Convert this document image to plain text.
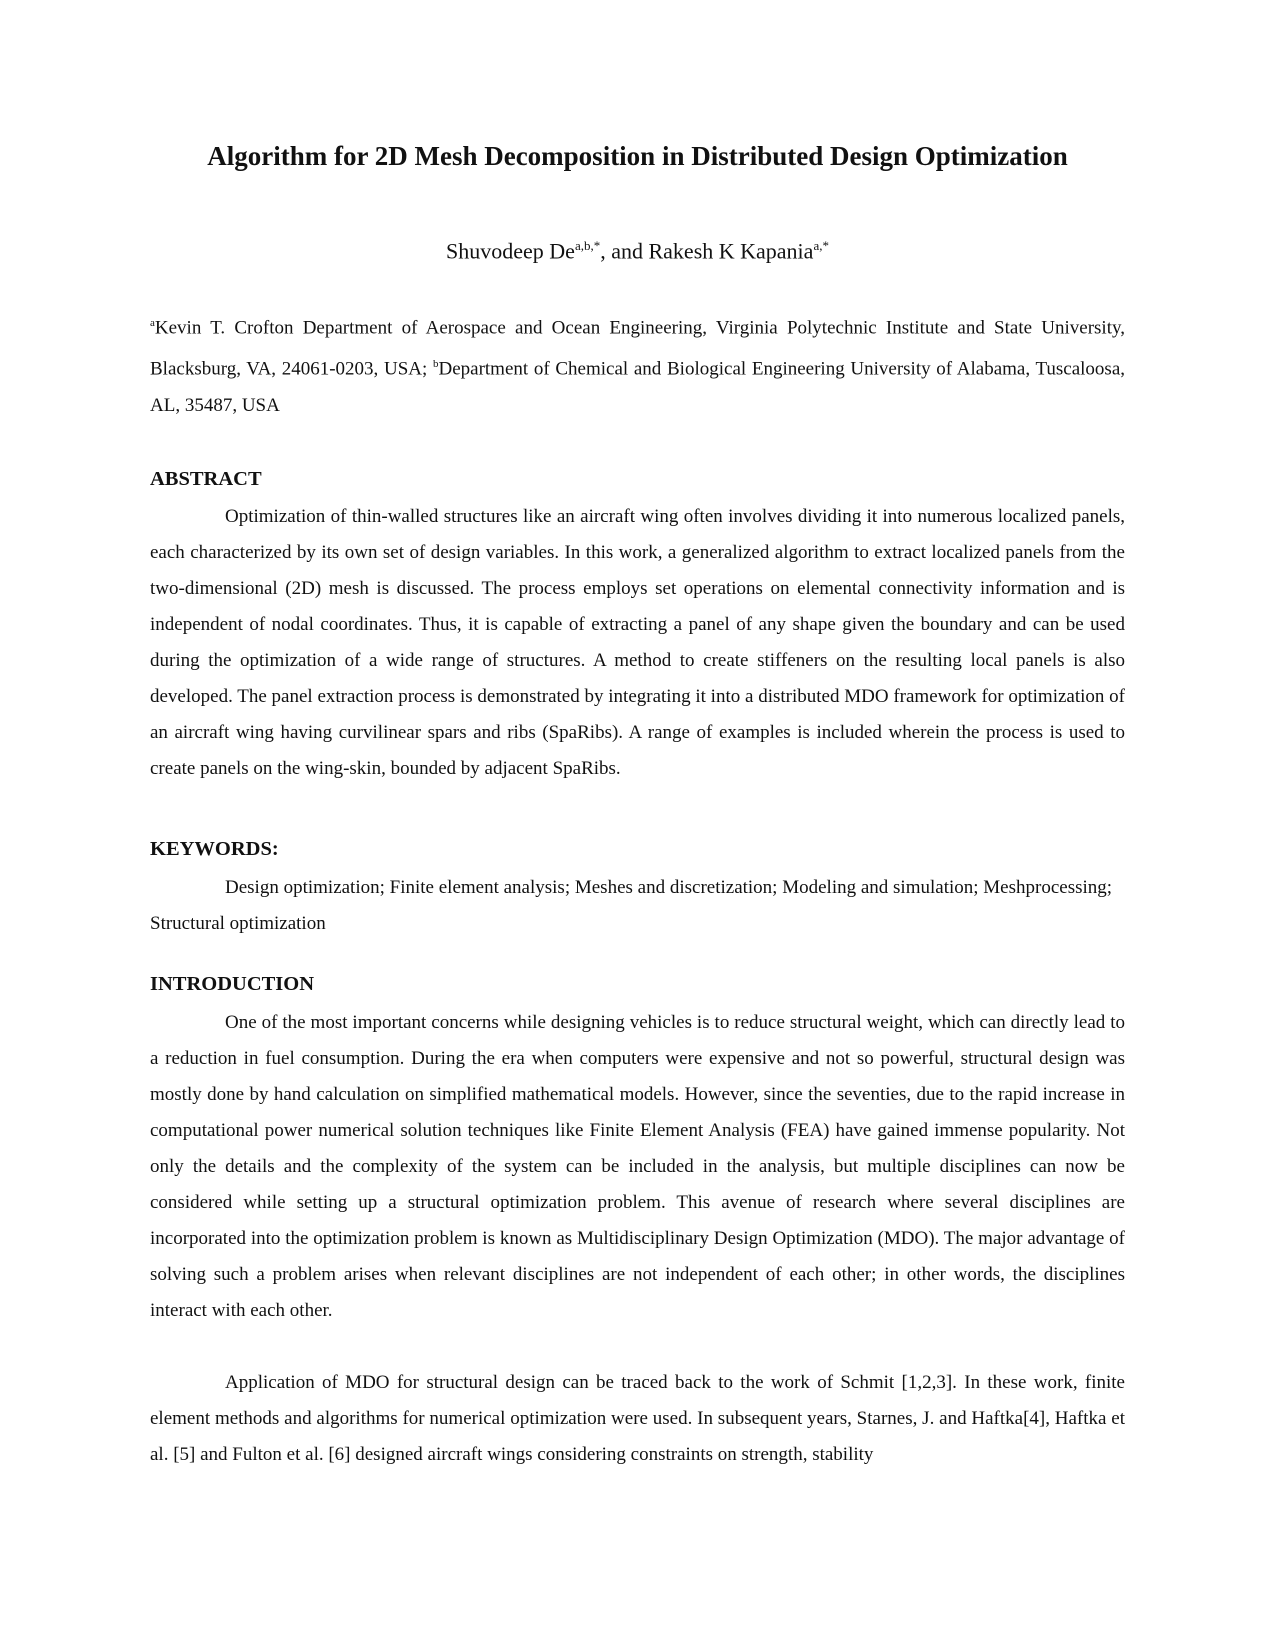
Algorithm for 2D Mesh Decomposition in Distributed Design Optimization
Shuvodeep $De^{a,b,*}$, and Rakesh K Kapania$^{a,*}$
$^a$Kevin T. Crofton Department of Aerospace and Ocean Engineering, Virginia Polytechnic Institute and State University, Blacksburg, VA, 24061-0203, USA; $^b$Department of Chemical and Biological Engineering University of Alabama, Tuscaloosa, AL, 35487, USA
ABSTRACT

Optimization of thin-walled structures like an aircraft wing often involves dividing it into numerous localized panels, each characterized by its own set of design variables. In this work, a generalized algorithm to extract localized panels from the two-dimensional (2D) mesh is discussed. The process employs set operations on elemental connectivity information and is independent of nodal coordinates. Thus, it is capable of extracting a panel of any shape given the boundary and can be used during the optimization of a wide range of structures. A method to create stiffeners on the resulting local panels is also developed. The panel extraction process is demonstrated by integrating it into a distributed MDO framework for optimization of an aircraft wing having curvilinear spars and ribs (SpaRibs). A range of examples is included wherein the process is used to create panels on the wing-skin, bounded by adjacent SpaRibs.

KEYWORDS:

Design optimization; Finite element analysis; Meshes and discretization; Modeling and simulation; Meshprocessing; Structural optimization

INTRODUCTION

One of the most important concerns while designing vehicles is to reduce structural weight, which can directly lead to a reduction in fuel consumption. During the era when computers were expensive and not so powerful, structural design was mostly done by hand calculation on simplified mathematical models. However, since the seventies, due to the rapid increase in computational power numerical solution techniques like Finite Element Analysis (FEA) have gained immense popularity. Not only the details and the complexity of the system can be included in the analysis, but multiple disciplines can now be considered while setting up a structural optimization problem. This avenue of research where several disciplines are incorporated into the optimization problem is known as Multidisciplinary Design Optimization (MDO). The major advantage of solving such a problem arises when relevant disciplines are not independent of each other; in other words, the disciplines interact with each other.

Application of MDO for structural design can be traced back to the work of Schmit [1,2,3]. In these work, finite element methods and algorithms for numerical optimization were used. In subsequent years, Starnes, J. and Haftka[4], Haftka et al. [5] and Fulton et al. [6] designed aircraft wings considering constraints on strength, stability
